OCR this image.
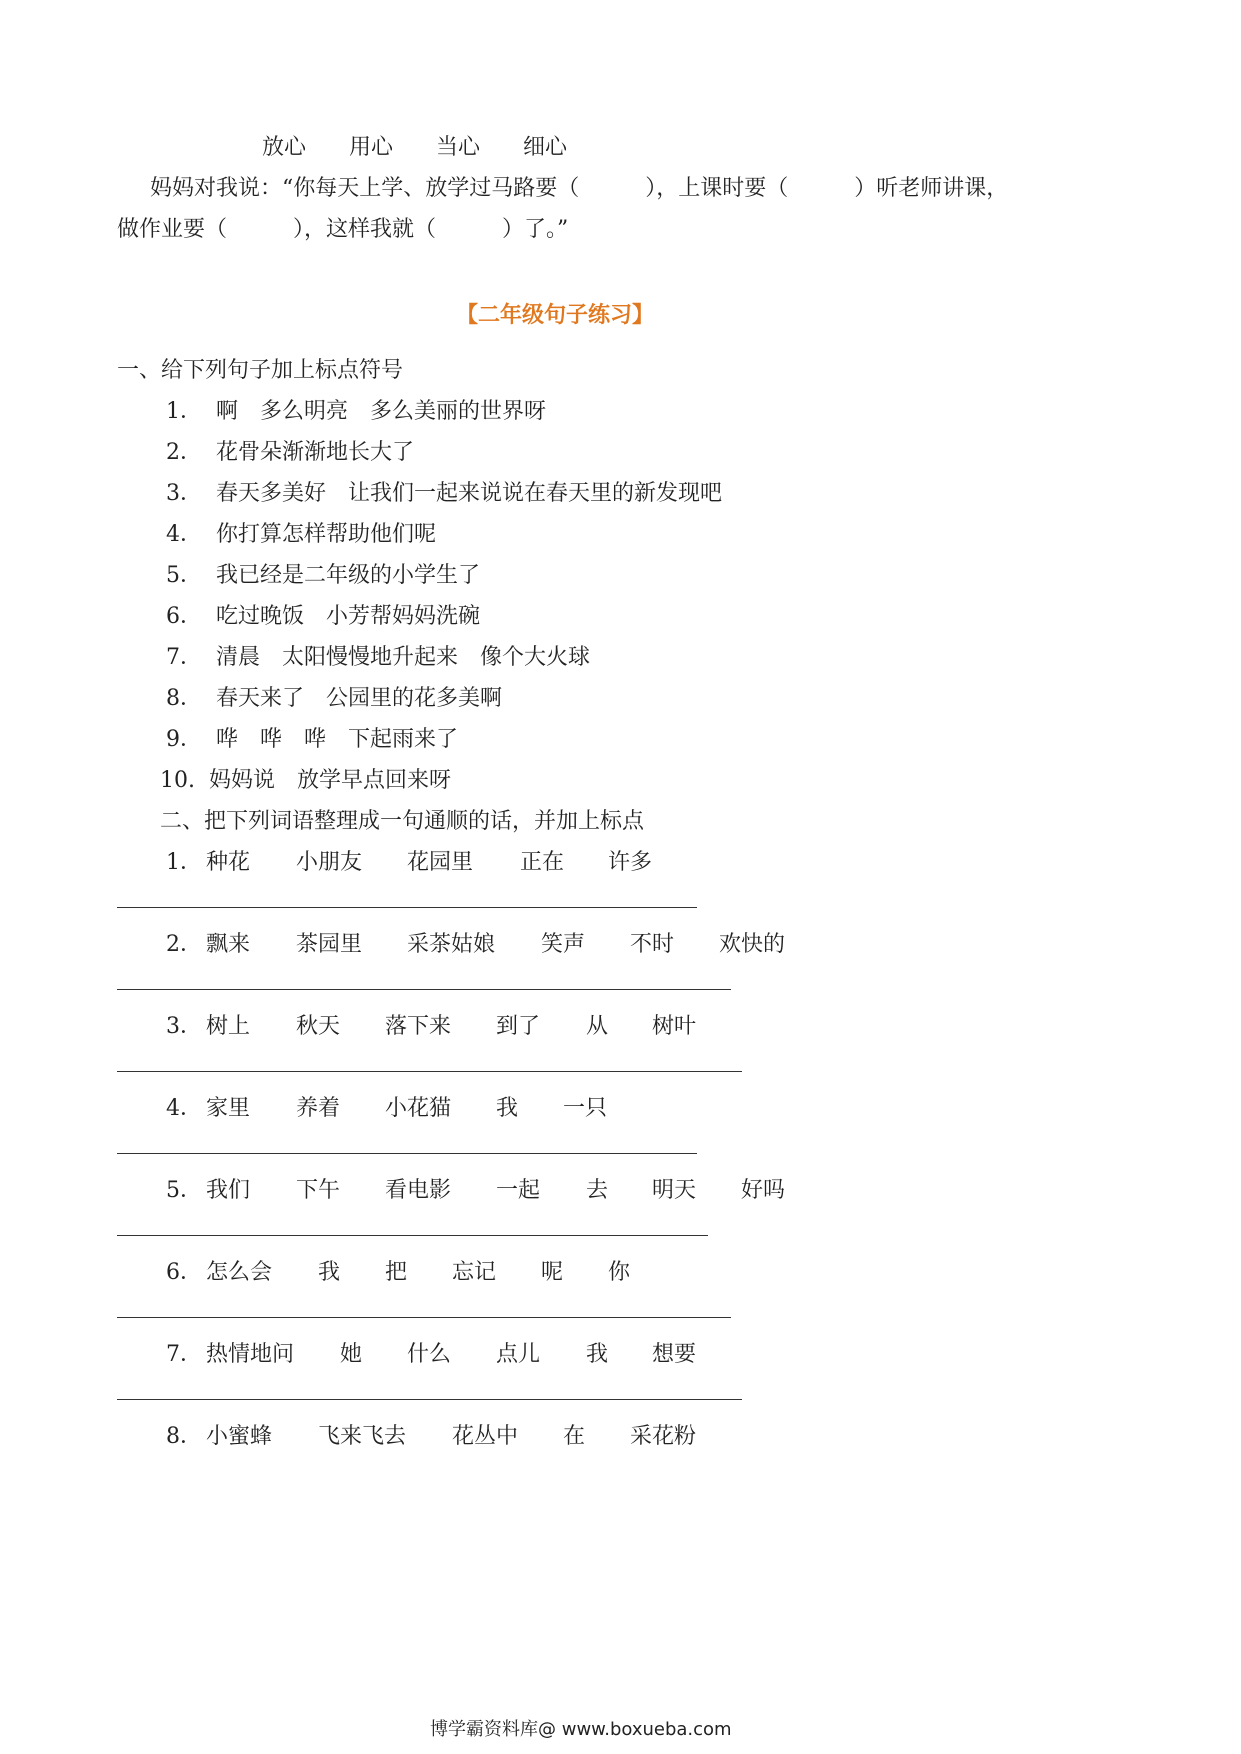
放心 用心 当心 细心
妈妈对我说：“你每天上学、放学过马路要（　　　），上课时要（　　　）听老师讲课，
做作业要（　　　），这样我就（　　　）了。”
【二年级句子练习】
一、给下列句子加上标点符号
1． 啊　多么明亮　多么美丽的世界呀
2． 花骨朵渐渐地长大了
3． 春天多美好　让我们一起来说说在春天里的新发现吧
4． 你打算怎样帮助他们呢
5． 我已经是二年级的小学生了
6． 吃过晚饭　小芳帮妈妈洗碗
7． 清晨　太阳慢慢地升起来　像个大火球
8． 春天来了　公园里的花多美啊
9． 哗　哗　哗　下起雨来了
10. 妈妈说　放学早点回来呀
二、把下列词语整理成一句通顺的话，并加上标点
1． 种花 小朋友 花园里 正在 许多
2． 飘来 茶园里 采茶姑娘 笑声 不时 欢快的
3． 树上 秋天 落下来 到了 从 树叶
4． 家里 养着 小花猫 我 一只
5． 我们 下午 看电影 一起 去 明天 好吗
6． 怎么会 我 把 忘记 呢 你
7． 热情地问 她 什么 点儿 我 想要
8． 小蜜蜂 飞来飞去 花丛中 在 采花粉
博学霸资料库@ www.boxueba.com
